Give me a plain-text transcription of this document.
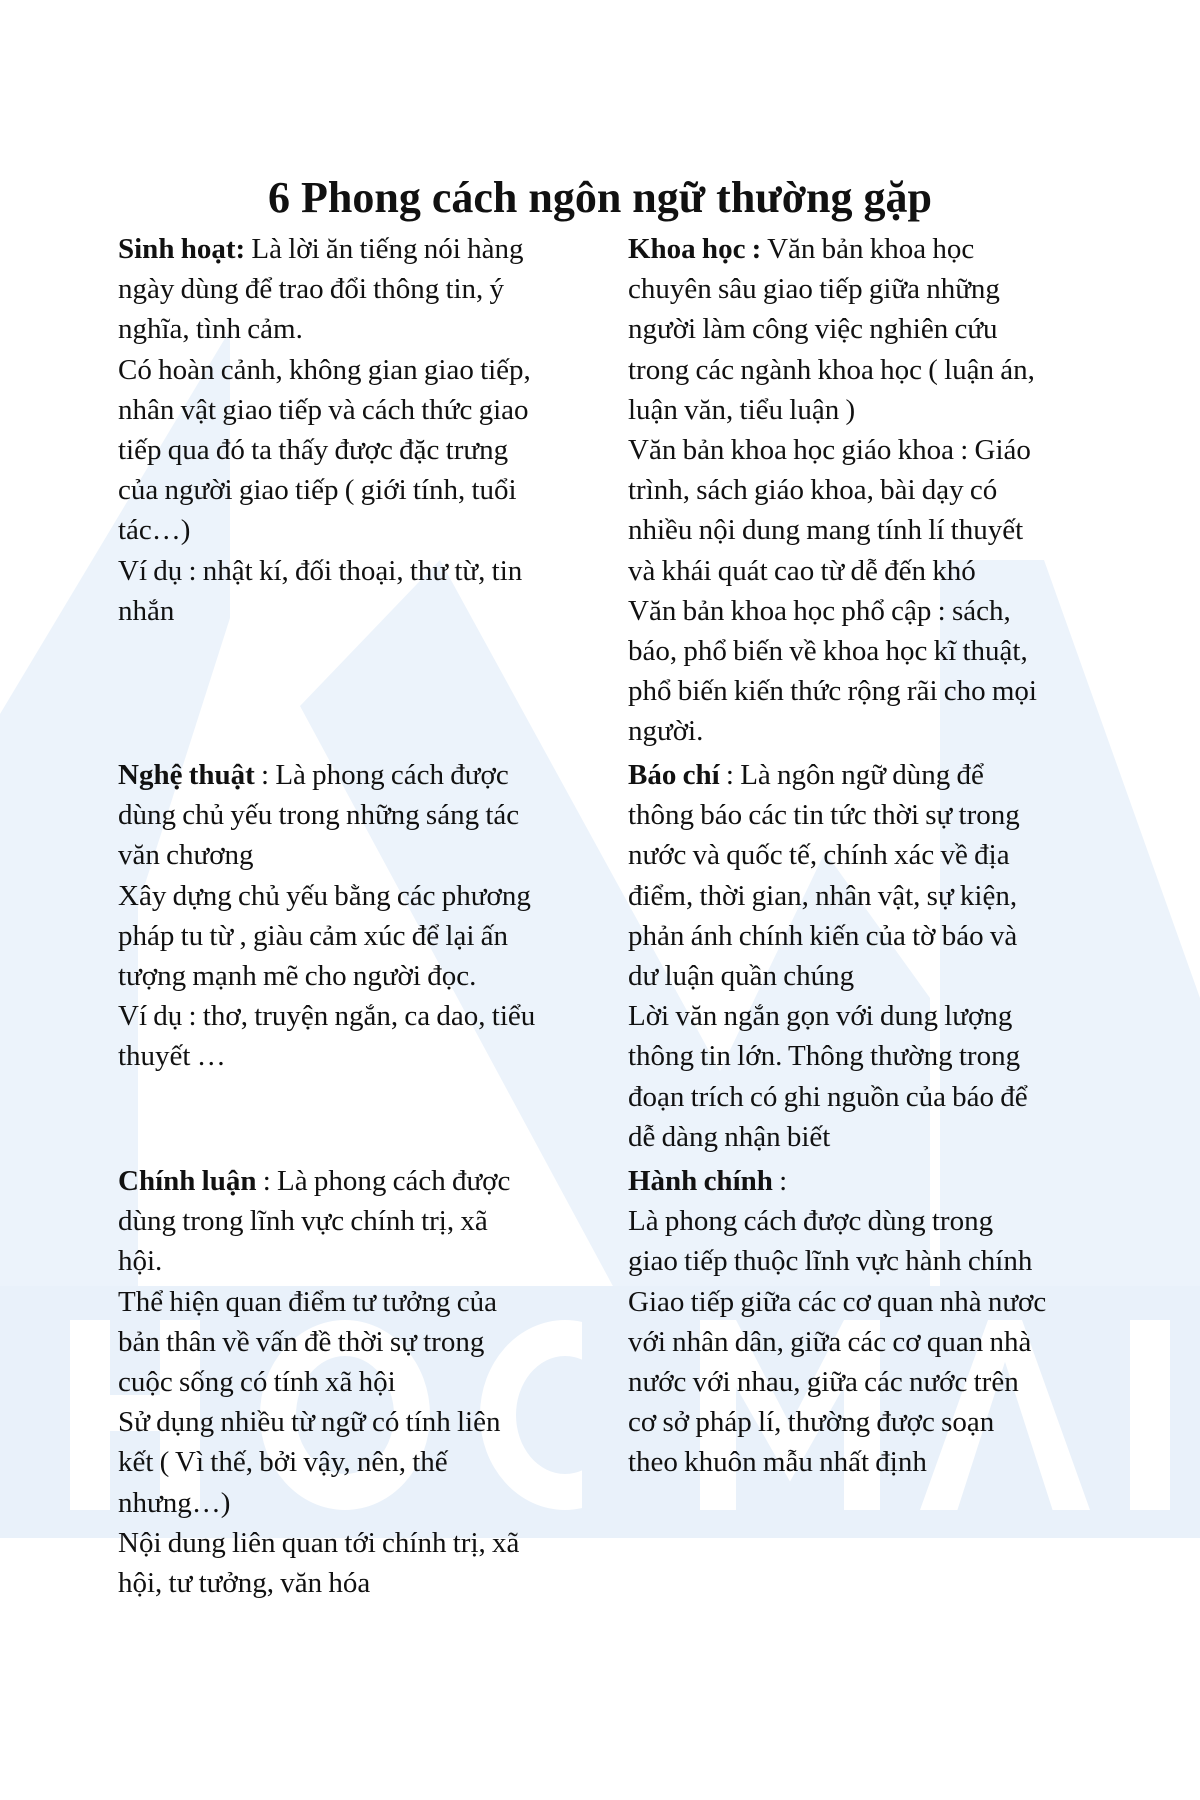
6 Phong cách ngôn ngữ thường gặp
Sinh hoạt: Là lời ăn tiếng nói hàng
ngày dùng để trao đổi thông tin, ý
nghĩa, tình cảm.
Có hoàn cảnh, không gian giao tiếp,
nhân vật giao tiếp và cách thức giao
tiếp qua đó ta thấy được đặc trưng
của người giao tiếp ( giới tính, tuổi
tác…)
Ví dụ : nhật kí, đối thoại, thư từ, tin
nhắn
Khoa học : Văn bản khoa học
chuyên sâu giao tiếp giữa những
người làm công việc nghiên cứu
trong các ngành khoa học ( luận án,
luận văn, tiểu luận )
Văn bản khoa học giáo khoa : Giáo
trình, sách giáo khoa, bài dạy có
nhiều nội dung mang tính lí thuyết
và khái quát cao từ dễ đến khó
Văn bản khoa học phổ cập : sách,
báo, phổ biến về khoa học kĩ thuật,
phổ biến kiến thức rộng rãi cho mọi
người.
Nghệ thuật : Là phong cách được
dùng chủ yếu trong những sáng tác
văn chương
Xây dựng chủ yếu bằng các phương
pháp tu từ , giàu cảm xúc để lại ấn
tượng mạnh mẽ cho người đọc.
Ví dụ : thơ, truyện ngắn, ca dao, tiểu
thuyết …
Báo chí : Là ngôn ngữ dùng để
thông báo các tin tức thời sự trong
nước và quốc tế, chính xác về địa
điểm, thời gian, nhân vật, sự kiện,
phản ánh chính kiến của tờ báo và
dư luận quần chúng
Lời văn ngắn gọn với dung lượng
thông tin lớn. Thông thường trong
đoạn trích có ghi nguồn của báo để
dễ dàng nhận biết
Chính luận : Là phong cách được
dùng trong lĩnh vực chính trị, xã
hội.
Thể hiện quan điểm tư tưởng của
bản thân về vấn đề thời sự trong
cuộc sống có tính xã hội
Sử dụng nhiều từ ngữ có tính liên
kết ( Vì thế, bởi vậy, nên, thế
nhưng…)
Nội dung liên quan tới chính trị, xã
hội, tư tưởng, văn hóa
Hành chính :
Là phong cách được dùng trong
giao tiếp thuộc lĩnh vực hành chính
Giao tiếp giữa các cơ quan nhà nươc
với nhân dân, giữa các cơ quan nhà
nước với nhau, giữa các nước trên
cơ sở pháp lí, thường được soạn
theo khuôn mẫu nhất định
